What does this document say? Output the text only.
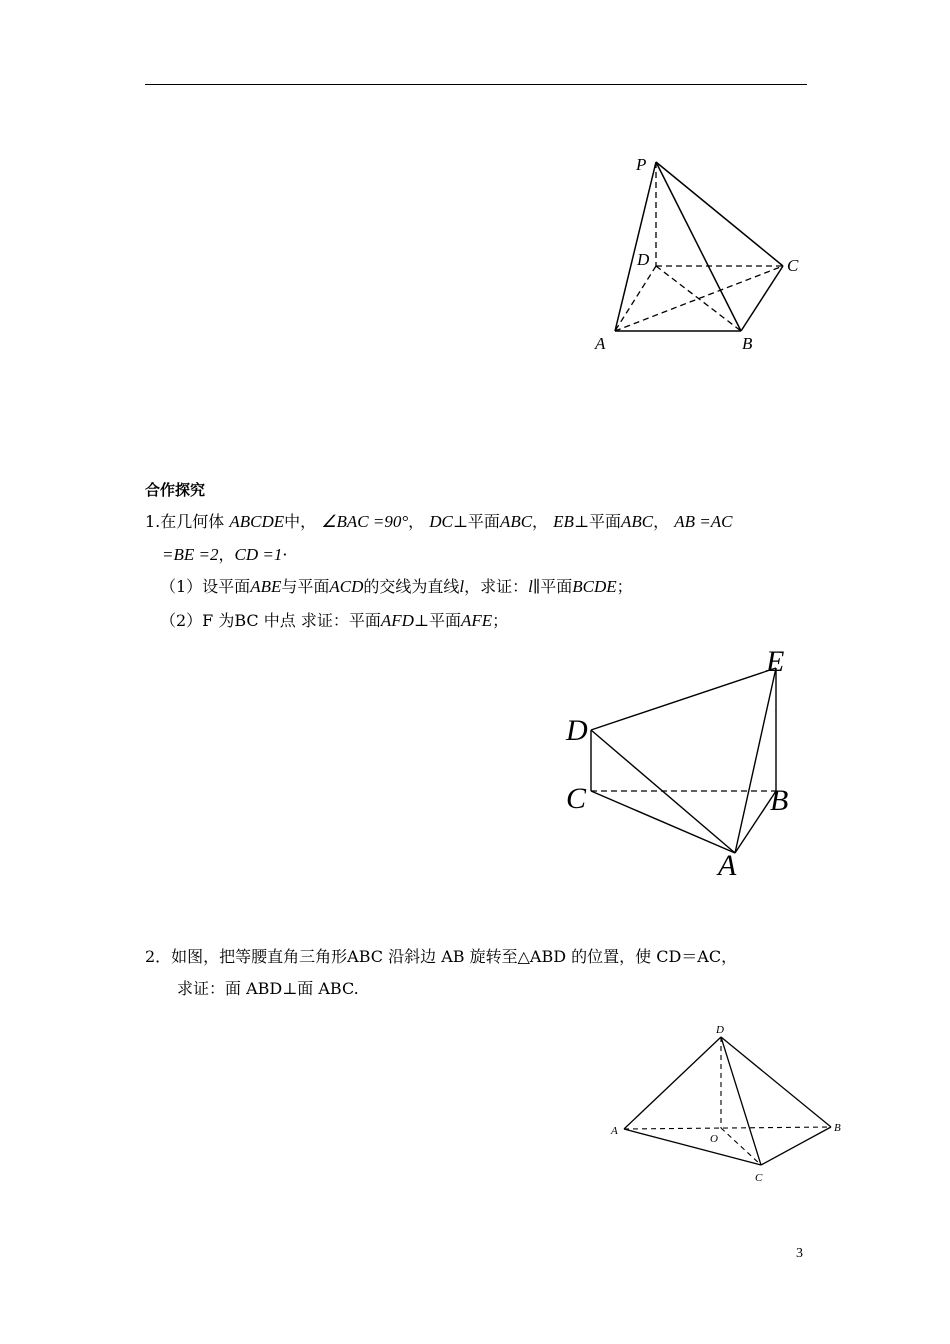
P
D	C
A	B
合作探究
1.在几何体 ABCDE中， ∠BAC =90°， DC⊥平面ABC， EB⊥平面ABC， AB =AC
=BE =2，CD =1·
（1）设平面ABE与平面ACD的交线为直线l，求证：l∥平面BCDE；
（2）F 为BC 中点 求证：平面AFD⊥平面AFE；
E
D
C	B
A
2．如图，把等腰直角三角形ABC 沿斜边 AB 旋转至△ABD 的位置，使 CD＝AC，
求证：面 ABD⊥面 ABC.
D
A
O
B
C
3
